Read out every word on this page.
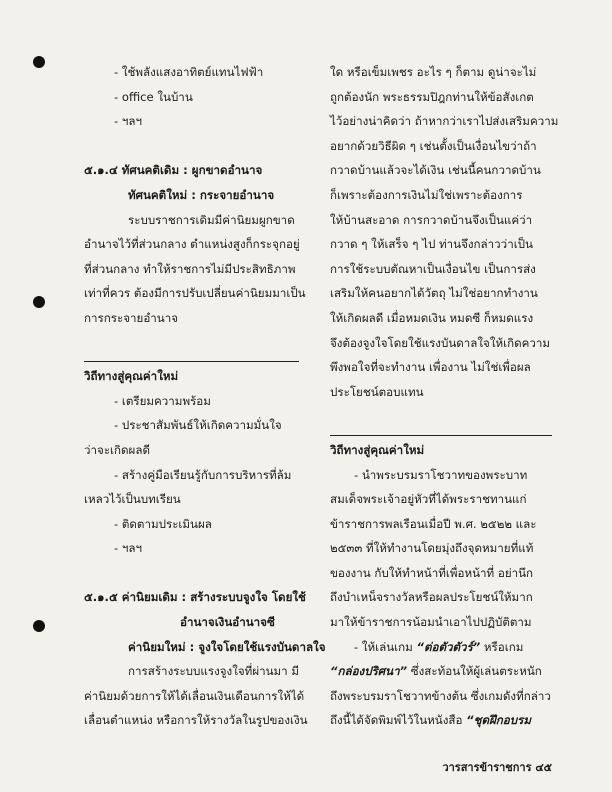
- ใช้พลังแสงอาทิตย์แทนไฟฟ้า
- office ในบ้าน
- ฯลฯ
๕.๑.๔ ทัศนคติเดิม : ผูกขาดอำนาจ
ทัศนคติใหม่ : กระจายอำนาจ
ระบบราชการเดิมมีค่านิยมผูกขาด
อำนาจไว้ที่ส่วนกลาง ตำแหน่งสูงก็กระจุกอยู่
ที่ส่วนกลาง ทำให้ราชการไม่มีประสิทธิภาพ
เท่าที่ควร ต้องมีการปรับเปลี่ยนค่านิยมมาเป็น
การกระจายอำนาจ
วิถีทางสู่คุณค่าใหม่
- เตรียมความพร้อม
- ประชาสัมพันธ์ให้เกิดความมั่นใจ
ว่าจะเกิดผลดี
- สร้างคู่มือเรียนรู้กับการบริหารที่ล้ม
เหลวไว้เป็นบทเรียน
- ติดตามประเมินผล
- ฯลฯ
๕.๑.๕ ค่านิยมเดิม : สร้างระบบจูงใจ โดยใช้
อำนาจเงินอำนาจซี
ค่านิยมใหม่ : จูงใจโดยใช้แรงบันดาลใจ
การสร้างระบบแรงจูงใจที่ผ่านมา มี
ค่านิยมด้วยการให้ได้เลื่อนเงินเดือนการให้ได้
เลื่อนตำแหน่ง หรือการให้รางวัลในรูปของเงิน
ใด หรือเข็มเพชร อะไร ๆ ก็ตาม ดูน่าจะไม่
ถูกต้องนัก พระธรรมปิฎกท่านให้ข้อสังเกต
ไว้อย่างน่าคิดว่า ถ้าหากว่าเราไปส่งเสริมความ
อยากด้วยวิธีผิด ๆ เช่นตั้งเป็นเงื่อนไขว่าถ้า
กวาดบ้านแล้วจะได้เงิน เช่นนี้คนกวาดบ้าน
ก็เพราะต้องการเงินไม่ใช่เพราะต้องการ
ให้บ้านสะอาด การกวาดบ้านจึงเป็นแค่ว่า
กวาด ๆ ให้เสร็จ ๆ ไป ท่านจึงกล่าวว่าเป็น
การใช้ระบบตัณหาเป็นเงื่อนไข เป็นการส่ง
เสริมให้คนอยากได้วัตถุ ไม่ใช่อยากทำงาน
ให้เกิดผลดี เมื่อหมดเงิน หมดซี ก็หมดแรง
จึงต้องจูงใจโดยใช้แรงบันดาลใจให้เกิดความ
พึงพอใจที่จะทำงาน เพื่องาน ไม่ใช่เพื่อผล
ประโยชน์ตอบแทน
วิถีทางสู่คุณค่าใหม่
- นำพระบรมราโชวาทของพระบาท
สมเด็จพระเจ้าอยู่หัวที่ได้พระราชทานแก่
ข้าราชการพลเรือนเมื่อปี พ.ศ. ๒๕๒๒ และ
๒๕๓๓ ที่ให้ทำงานโดยมุ่งถึงจุดหมายที่แท้
ของงาน กับให้ทำหน้าที่เพื่อหน้าที่ อย่านึก
ถึงบำเหน็จรางวัลหรือผลประโยชน์ให้มาก
มาให้ข้าราชการน้อมนำเอาไปปฏิบัติตาม
- ให้เล่นเกม “ต่อตัวตัวร์” หรือเกม
“กล่องปริศนา” ซึ่งสะท้อนให้ผู้เล่นตระหนัก
ถึงพระบรมราโชวาทข้างต้น ซึ่งเกมดังที่กล่าว
ถึงนี้ได้จัดพิมพ์ไว้ในหนังสือ “ชุดฝึกอบรม
วารสารข้าราชการ ๔๕
